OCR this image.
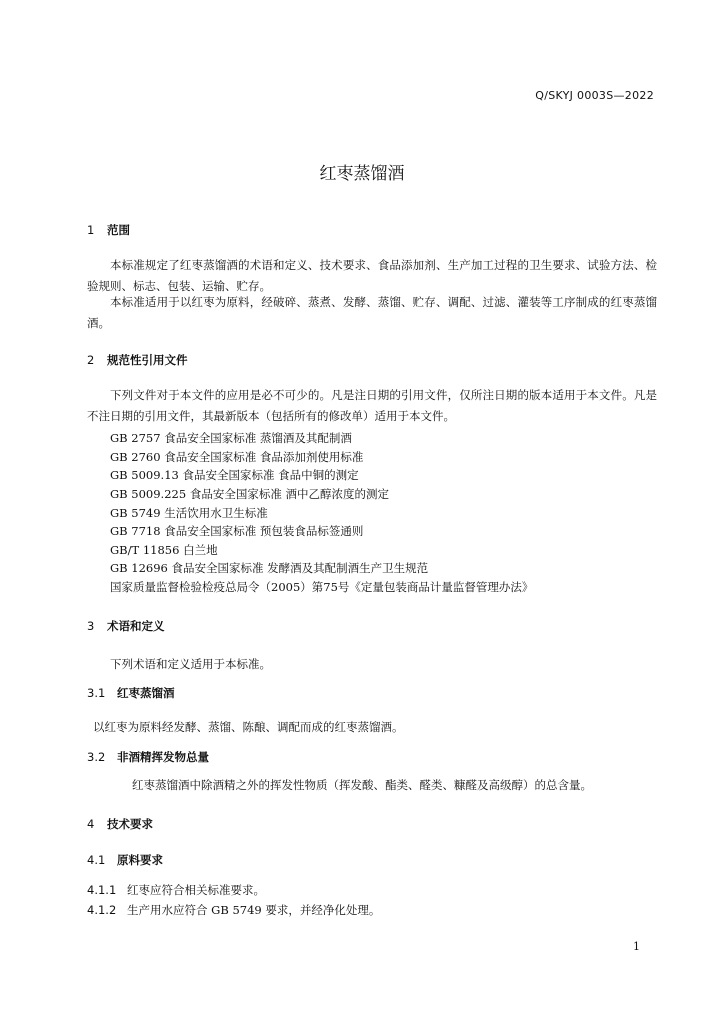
Q/SKYJ 0003S—2022
红枣蒸馏酒
1 范围
本标准规定了红枣蒸馏酒的术语和定义、技术要求、食品添加剂、生产加工过程的卫生要求、试验方法、检验规则、标志、包装、运输、贮存。
本标准适用于以红枣为原料，经破碎、蒸煮、发酵、蒸馏、贮存、调配、过滤、灌装等工序制成的红枣蒸馏酒。
2 规范性引用文件
下列文件对于本文件的应用是必不可少的。凡是注日期的引用文件，仅所注日期的版本适用于本文件。凡是不注日期的引用文件，其最新版本（包括所有的修改单）适用于本文件。
GB 2757 食品安全国家标准 蒸馏酒及其配制酒
GB 2760 食品安全国家标准 食品添加剂使用标准
GB 5009.13 食品安全国家标准 食品中铜的测定
GB 5009.225 食品安全国家标准 酒中乙醇浓度的测定
GB 5749 生活饮用水卫生标准
GB 7718 食品安全国家标准 预包装食品标签通则
GB/T 11856 白兰地
GB 12696 食品安全国家标准 发酵酒及其配制酒生产卫生规范
国家质量监督检验检疫总局令（2005）第75号《定量包装商品计量监督管理办法》
3 术语和定义
下列术语和定义适用于本标准。
3.1 红枣蒸馏酒
以红枣为原料经发酵、蒸馏、陈酿、调配而成的红枣蒸馏酒。
3.2 非酒精挥发物总量
红枣蒸馏酒中除酒精之外的挥发性物质（挥发酸、酯类、醛类、糠醛及高级醇）的总含量。
4 技术要求
4.1 原料要求
4.1.1 红枣应符合相关标准要求。
4.1.2 生产用水应符合 GB 5749 要求，并经净化处理。
1
